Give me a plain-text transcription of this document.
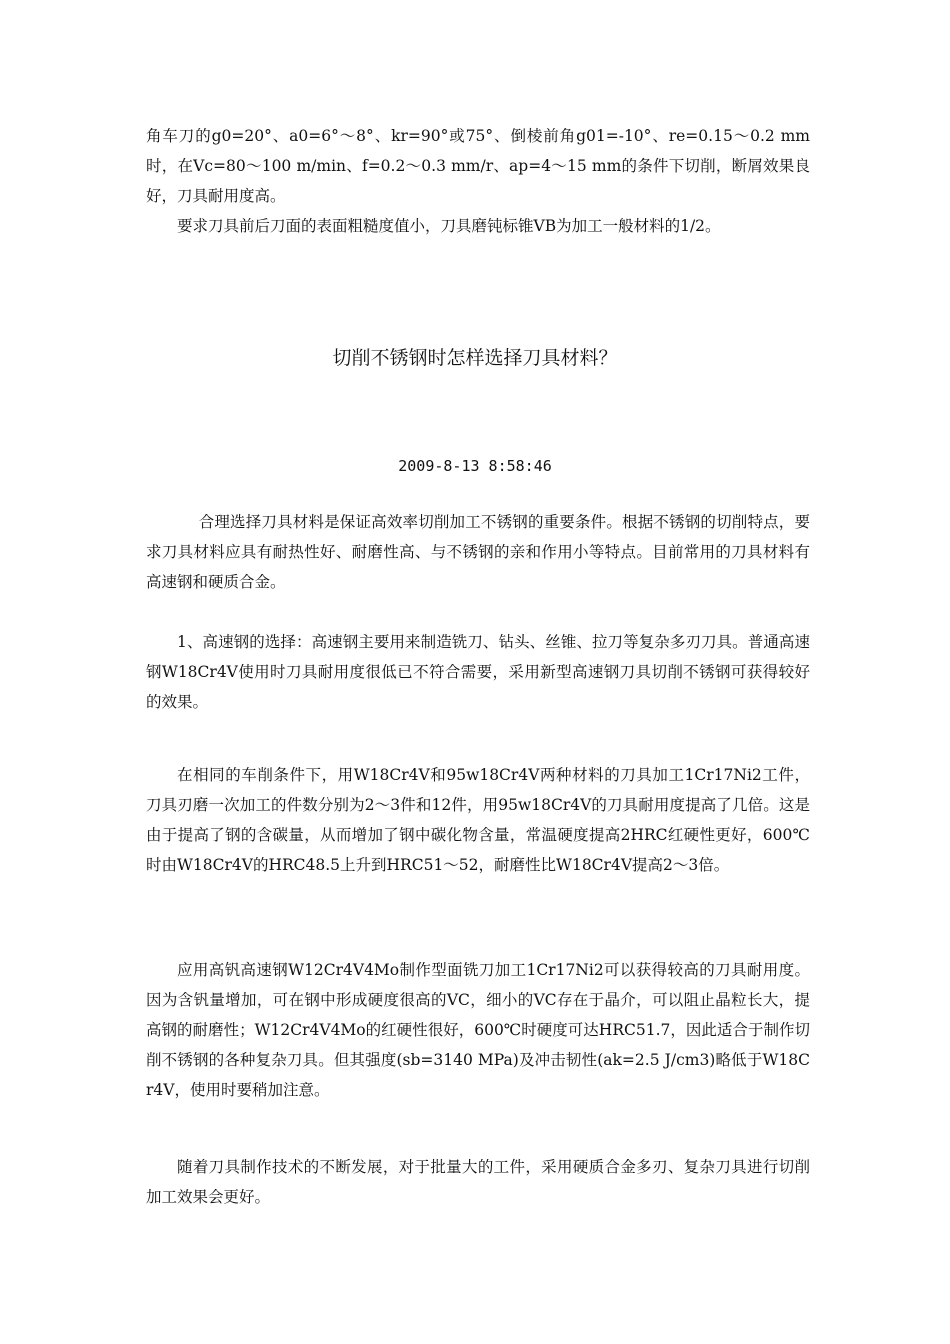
角车刀的g0=20°、a0=6°～8°、kr=90°或75°、倒棱前角g01=-10°、re=0.15～0.2 mm时，在Vc=80～100 m/min、f=0.2～0.3 mm/r、ap=4～15 mm的条件下切削，断屑效果良好，刀具耐用度高。

要求刀具前后刀面的表面粗糙度值小，刀具磨钝标锥VB为加工一般材料的1/2。

切削不锈钢时怎样选择刀具材料？

2009-8-13 8:58:46

合理选择刀具材料是保证高效率切削加工不锈钢的重要条件。根据不锈钢的切削特点，要求刀具材料应具有耐热性好、耐磨性高、与不锈钢的亲和作用小等特点。目前常用的刀具材料有高速钢和硬质合金。

1、高速钢的选择：高速钢主要用来制造铣刀、钻头、丝锥、拉刀等复杂多刃刀具。普通高速钢W18Cr4V使用时刀具耐用度很低已不符合需要，采用新型高速钢刀具切削不锈钢可获得较好的效果。

在相同的车削条件下，用W18Cr4V和95w18Cr4V两种材料的刀具加工1Cr17Ni2工件，刀具刃磨一次加工的件数分别为2～3件和12件，用95w18Cr4V的刀具耐用度提高了几倍。这是由于提高了钢的含碳量，从而增加了钢中碳化物含量，常温硬度提高2HRC红硬性更好，600℃时由W18Cr4V的HRC48.5上升到HRC51～52，耐磨性比W18Cr4V提高2～3倍。

应用高钒高速钢W12Cr4V4Mo制作型面铣刀加工1Cr17Ni2可以获得较高的刀具耐用度。因为含钒量增加，可在钢中形成硬度很高的VC，细小的VC存在于晶介，可以阻止晶粒长大，提高钢的耐磨性；W12Cr4V4Mo的红硬性很好，600℃时硬度可达HRC51.7，因此适合于制作切削不锈钢的各种复杂刀具。但其强度(sb=3140 MPa)及冲击韧性(ak=2.5 J/cm3)略低于W18Cr4V，使用时要稍加注意。

随着刀具制作技术的不断发展，对于批量大的工件，采用硬质合金多刃、复杂刀具进行切削加工效果会更好。
